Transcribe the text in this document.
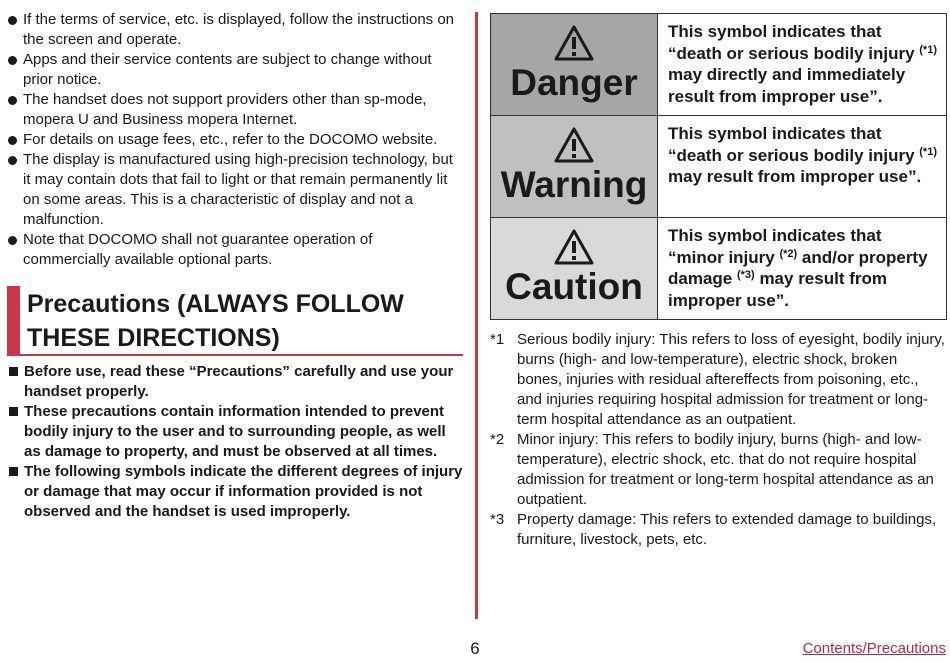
If the terms of service, etc. is displayed, follow the instructions on the screen and operate.
Apps and their service contents are subject to change without prior notice.
The handset does not support providers other than sp-mode, mopera U and Business mopera Internet.
For details on usage fees, etc., refer to the DOCOMO website.
The display is manufactured using high-precision technology, but it may contain dots that fail to light or that remain permanently lit on some areas. This is a characteristic of display and not a malfunction.
Note that DOCOMO shall not guarantee operation of commercially available optional parts.
Precautions (ALWAYS FOLLOW THESE DIRECTIONS)
Before use, read these “Precautions” carefully and use your handset properly.
These precautions contain information intended to prevent bodily injury to the user and to surrounding people, as well as damage to property, and must be observed at all times.
The following symbols indicate the different degrees of injury or damage that may occur if information provided is not observed and the handset is used improperly.
Danger
This symbol indicates that “death or serious bodily injury $^{(*1)}$ may directly and immediately result from improper use”.
Warning
This symbol indicates that “death or serious bodily injury $^{(*1)}$ may result from improper use”.
Caution
This symbol indicates that “minor injury $^{(*2)}$ and/or property damage $^{(*3)}$ may result from improper use”.
*1 Serious bodily injury: This refers to loss of eyesight, bodily injury, burns (high- and low-temperature), electric shock, broken bones, injuries with residual aftereffects from poisoning, etc., and injuries requiring hospital admission for treatment or long-term hospital attendance as an outpatient.
*2 Minor injury: This refers to bodily injury, burns (high- and low-temperature), electric shock, etc. that do not require hospital admission for treatment or long-term hospital attendance as an outpatient.
*3 Property damage: This refers to extended damage to buildings, furniture, livestock, pets, etc.
6	Contents/Precautions
